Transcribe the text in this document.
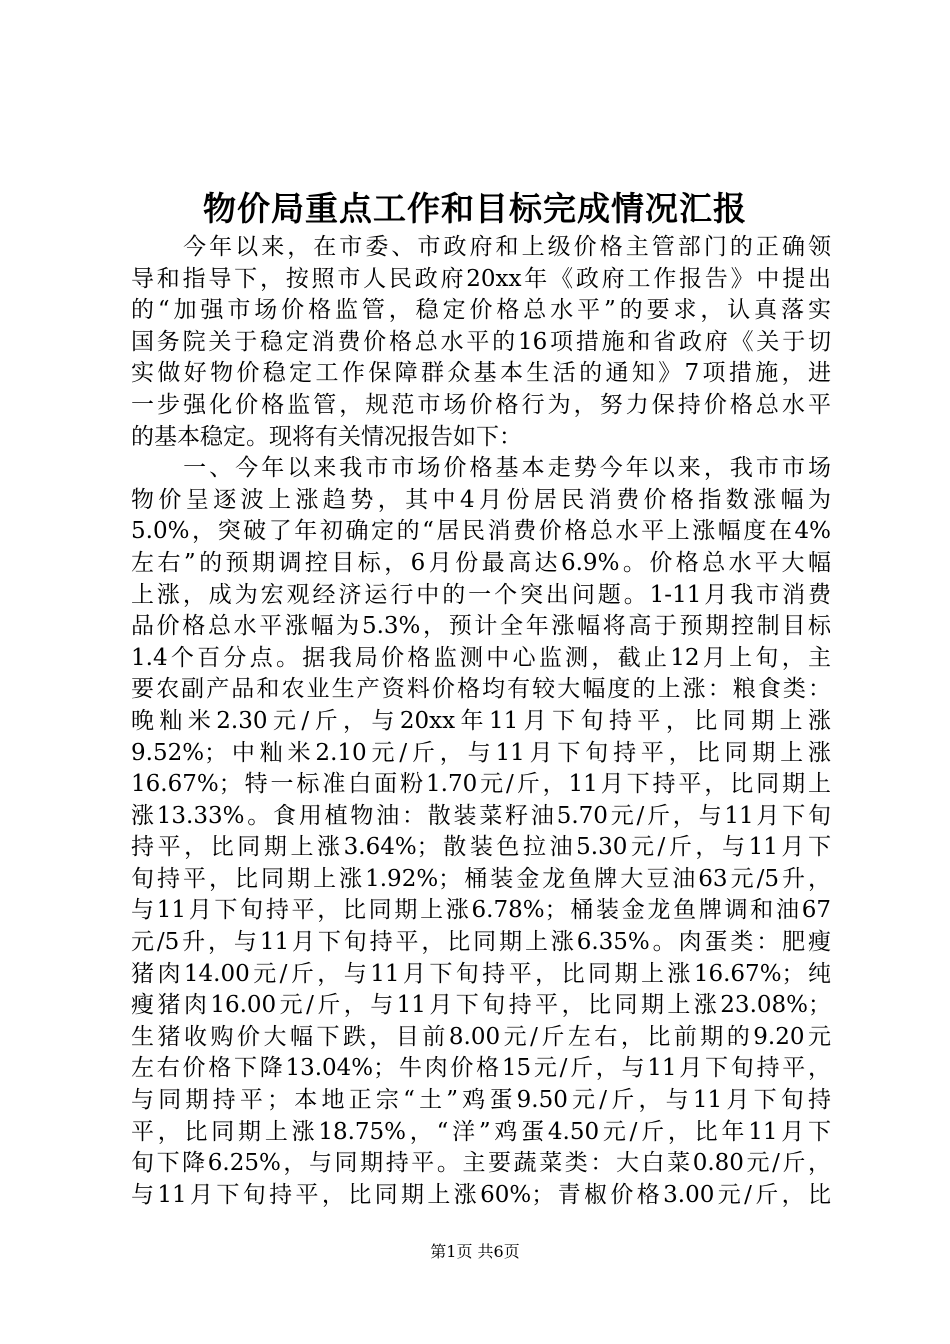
物价局重点工作和目标完成情况汇报
　　今年以来，在市委、市政府和上级价格主管部门的正确领
导和指导下，按照市人民政府20xx年《政府工作报告》中提出
的“加强市场价格监管，稳定价格总水平”的要求，认真落实
国务院关于稳定消费价格总水平的16项措施和省政府《关于切
实做好物价稳定工作保障群众基本生活的通知》7项措施，进
一步强化价格监管，规范市场价格行为，努力保持价格总水平
的基本稳定。现将有关情况报告如下：
　　一、今年以来我市市场价格基本走势今年以来，我市市场
物价呈逐波上涨趋势，其中4月份居民消费价格指数涨幅为
5.0%，突破了年初确定的“居民消费价格总水平上涨幅度在4%
左右”的预期调控目标，6月份最高达6.9%。价格总水平大幅
上涨，成为宏观经济运行中的一个突出问题。1-11月我市消费
品价格总水平涨幅为5.3%，预计全年涨幅将高于预期控制目标
1.4个百分点。据我局价格监测中心监测，截止12月上旬，主
要农副产品和农业生产资料价格均有较大幅度的上涨：粮食类：
晚籼米2.30元/斤，与20xx年11月下旬持平，比同期上涨
9.52%；中籼米2.10元/斤，与11月下旬持平，比同期上涨
16.67%；特一标准白面粉1.70元/斤，11月下持平，比同期上
涨13.33%。食用植物油：散装菜籽油5.70元/斤，与11月下旬
持平，比同期上涨3.64%；散装色拉油5.30元/斤，与11月下
旬持平，比同期上涨1.92%；桶装金龙鱼牌大豆油63元/5升，
与11月下旬持平，比同期上涨6.78%；桶装金龙鱼牌调和油67
元/5升，与11月下旬持平，比同期上涨6.35%。肉蛋类：肥瘦
猪肉14.00元/斤，与11月下旬持平，比同期上涨16.67%；纯
瘦猪肉16.00元/斤，与11月下旬持平，比同期上涨23.08%；
生猪收购价大幅下跌，目前8.00元/斤左右，比前期的9.20元
左右价格下降13.04%；牛肉价格15元/斤，与11月下旬持平，
与同期持平；本地正宗“土”鸡蛋9.50元/斤，与11月下旬持
平，比同期上涨18.75%，“洋”鸡蛋4.50元/斤，比年11月下
旬下降6.25%，与同期持平。主要蔬菜类：大白菜0.80元/斤，
与11月下旬持平，比同期上涨60%；青椒价格3.00元/斤，比
第1页 共6页
